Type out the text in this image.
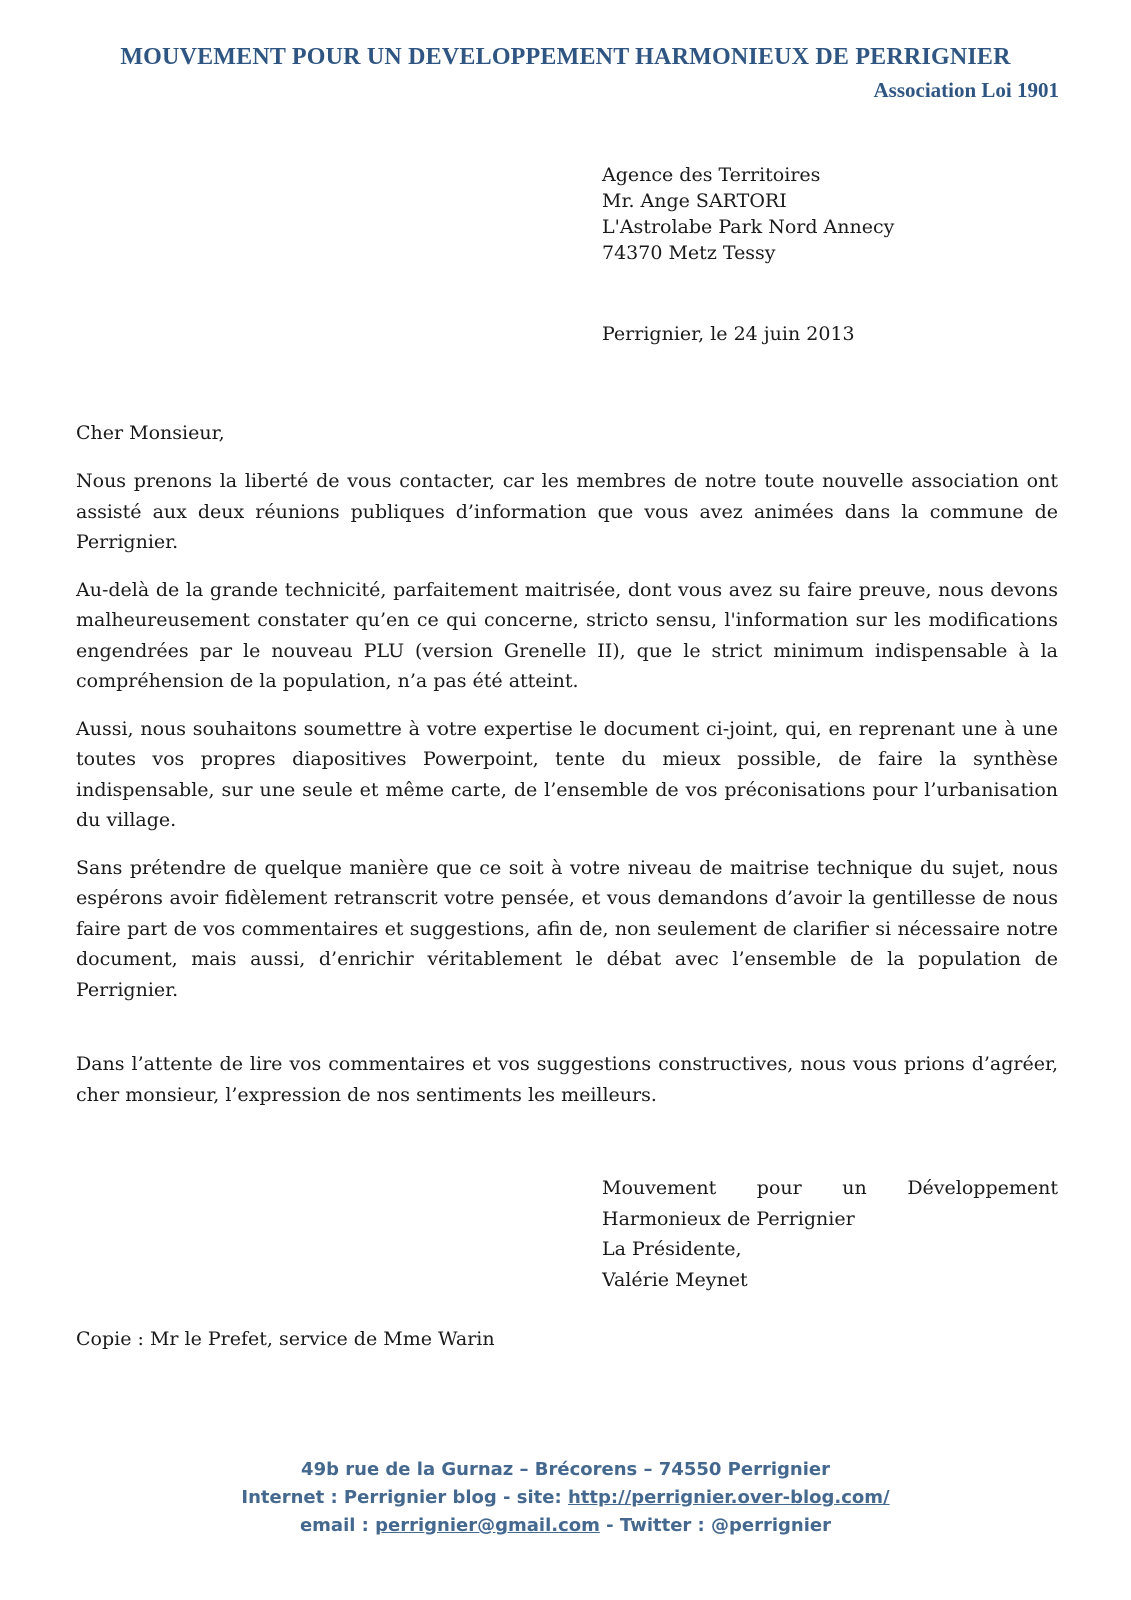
MOUVEMENT POUR UN DEVELOPPEMENT HARMONIEUX DE PERRIGNIER
Association Loi 1901
Agence des Territoires
Mr. Ange SARTORI
L'Astrolabe Park Nord Annecy
74370 Metz Tessy
Perrignier, le 24 juin 2013
Cher Monsieur,

Nous prenons la liberté de vous contacter, car les membres de notre toute nouvelle association ont assisté aux deux réunions publiques d’information que vous avez animées dans la commune de Perrignier.

Au-delà de la grande technicité, parfaitement maitrisée, dont vous avez su faire preuve, nous devons malheureusement constater qu’en ce qui concerne, stricto sensu, l'information sur les modifications engendrées par le nouveau PLU (version Grenelle II), que le strict minimum indispensable à la compréhension de la population, n’a pas été atteint.

Aussi, nous souhaitons soumettre à votre expertise le document ci-joint, qui, en reprenant une à une toutes vos propres diapositives Powerpoint, tente du mieux possible, de faire la synthèse indispensable, sur une seule et même carte, de l’ensemble de vos préconisations pour l’urbanisation du village.

Sans prétendre de quelque manière que ce soit à votre niveau de maitrise technique du sujet, nous espérons avoir fidèlement retranscrit votre pensée, et vous demandons d’avoir la gentillesse de nous faire part de vos commentaires et suggestions, afin de, non seulement de clarifier si nécessaire notre document, mais aussi, d’enrichir véritablement le débat avec l’ensemble de la population de Perrignier.

Dans l’attente de lire vos commentaires et vos suggestions constructives, nous vous prions d’agréer, cher monsieur, l’expression de nos sentiments les meilleurs.

Mouvement pour un Développement Harmonieux de Perrignier
La Présidente,
Valérie Meynet
Copie : Mr le Prefet, service de Mme Warin
49b rue de la Gurnaz – Brécorens – 74550 Perrignier
Internet : Perrignier blog - site: http://perrignier.over-blog.com/
email : perrignier@gmail.com - Twitter : @perrignier
